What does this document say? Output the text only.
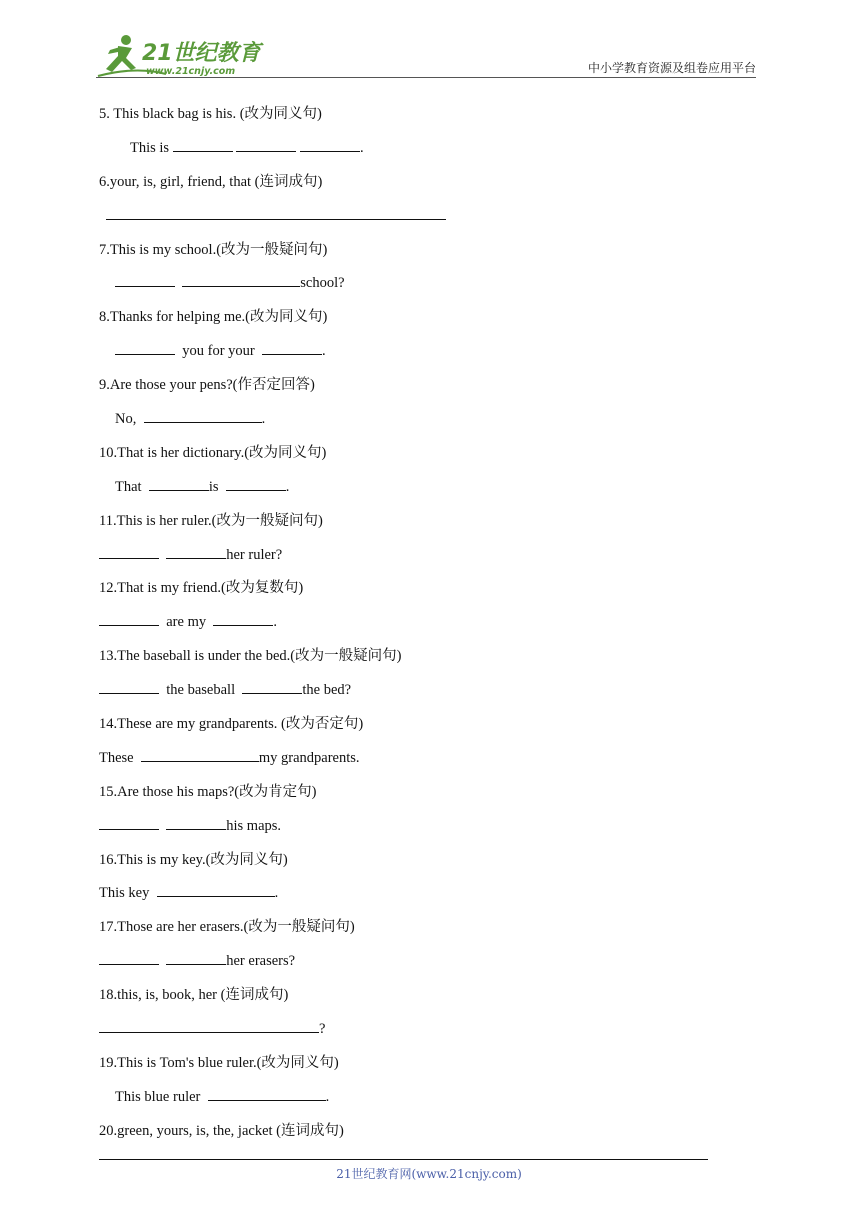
21世纪教育
www.21cnjy.com	中小学教育资源及组卷应用平台
5. This black bag is his. (改为同义句)
This is	.
6.your, is, girl, friend, that (连词成句)
7.This is my school.(改为一般疑问句)
school?
8.Thanks for helping me.(改为同义句)
you for your	.
9.Are those your pens?(作否定回答)
No,	.
10.That is her dictionary.(改为同义句)
That	is	.
11.This is her ruler.(改为一般疑问句)
her ruler?
12.That is my friend.(改为复数句)
are my	.
13.The baseball is under the bed.(改为一般疑问句)
the baseball	the bed?
14.These are my grandparents. (改为否定句)
These	my grandparents.
15.Are those his maps?(改为肯定句)
his maps.
16.This is my key.(改为同义句)
This key	.
17.Those are her erasers.(改为一般疑问句)
her erasers?
18.this, is, book, her (连词成句)
?
19.This is Tom's blue ruler.(改为同义句)
This blue ruler	.
20.green, yours, is, the, jacket (连词成句)
21世纪教育网(www.21cnjy.com)
